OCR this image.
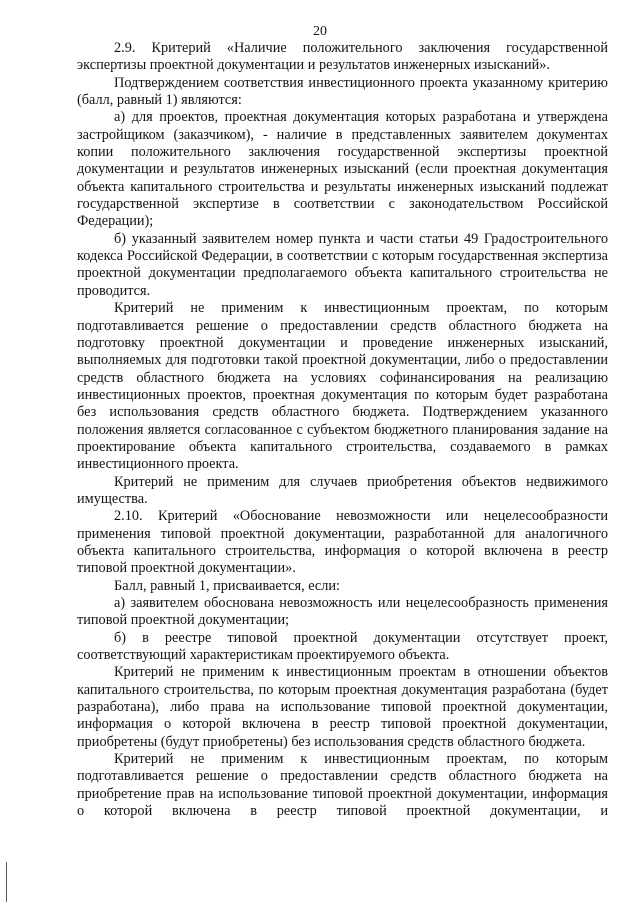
20

2.9. Критерий «Наличие положительного заключения государственной экспертизы проектной документации и результатов инженерных изысканий».

Подтверждением соответствия инвестиционного проекта указанному критерию (балл, равный 1) являются:

а) для проектов, проектная документация которых разработана и утверждена застройщиком (заказчиком), - наличие в представленных заявителем документах копии положительного заключения государственной экспертизы проектной документации и результатов инженерных изысканий (если проектная документация объекта капитального строительства и результаты инженерных изысканий подлежат государственной экспертизе в соответствии с законодательством Российской Федерации);

б) указанный заявителем номер пункта и части статьи 49 Градостроительного кодекса Российской Федерации, в соответствии с которым государственная экспертиза проектной документации предполагаемого объекта капитального строительства не проводится.

Критерий не применим к инвестиционным проектам, по которым подготавливается решение о предоставлении средств областного бюджета на подготовку проектной документации и проведение инженерных изысканий, выполняемых для подготовки такой проектной документации, либо о предоставлении средств областного бюджета на условиях софинансирования на реализацию инвестиционных проектов, проектная документация по которым будет разработана без использования средств областного бюджета. Подтверждением указанного положения является согласованное с субъектом бюджетного планирования задание на проектирование объекта капитального строительства, создаваемого в рамках инвестиционного проекта.

Критерий не применим для случаев приобретения объектов недвижимого имущества.

2.10. Критерий «Обоснование невозможности или нецелесообразности применения типовой проектной документации, разработанной для аналогичного объекта капитального строительства, информация о которой включена в реестр типовой проектной документации».

Балл, равный 1, присваивается, если:

а) заявителем обоснована невозможность или нецелесообразность применения типовой проектной документации;

б) в реестре типовой проектной документации отсутствует проект, соответствующий характеристикам проектируемого объекта.

Критерий не применим к инвестиционным проектам в отношении объектов капитального строительства, по которым проектная документация разработана (будет разработана), либо права на использование типовой проектной документации, информация о которой включена в реестр типовой проектной документации, приобретены (будут приобретены) без использования средств областного бюджета.

Критерий не применим к инвестиционным проектам, по которым подготавливается решение о предоставлении средств областного бюджета на приобретение прав на использование типовой проектной документации, информация о которой включена в реестр типовой проектной документации, и
